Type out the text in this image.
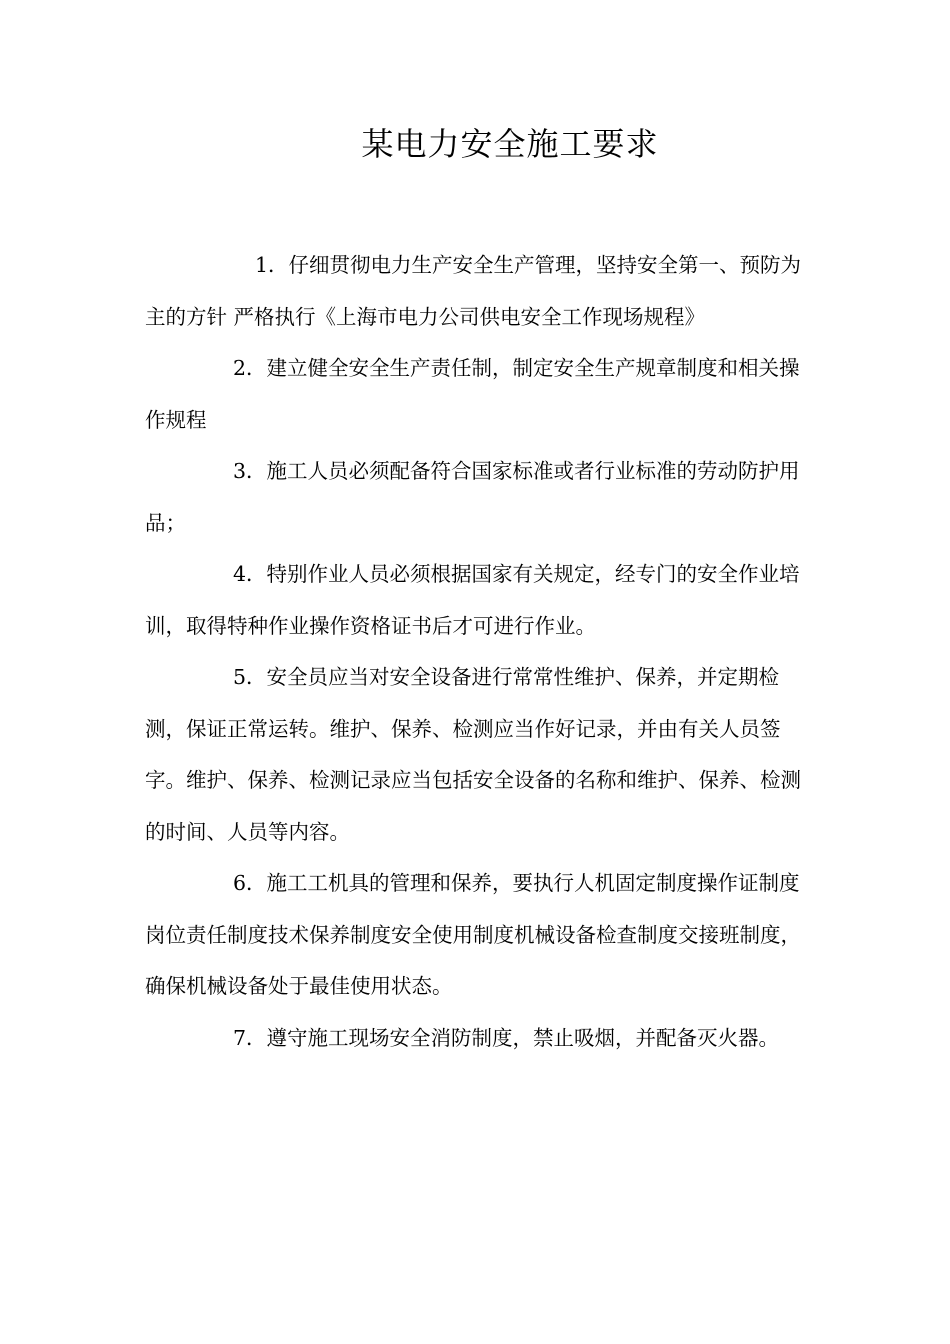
某电力安全施工要求

1．仔细贯彻电力生产安全生产管理，坚持安全第一、预防为主的方针 严格执行《上海市电力公司供电安全工作现场规程》

2．建立健全安全生产责任制，制定安全生产规章制度和相关操作规程

3．施工人员必须配备符合国家标准或者行业标准的劳动防护用品；

4．特别作业人员必须根据国家有关规定，经专门的安全作业培训，取得特种作业操作资格证书后才可进行作业。

5．安全员应当对安全设备进行常常性维护、保养，并定期检测，保证正常运转。维护、保养、检测应当作好记录，并由有关人员签字。维护、保养、检测记录应当包括安全设备的名称和维护、保养、检测的时间、人员等内容。

6．施工工机具的管理和保养，要执行人机固定制度操作证制度岗位责任制度技术保养制度安全使用制度机械设备检查制度交接班制度，确保机械设备处于最佳使用状态。

7．遵守施工现场安全消防制度，禁止吸烟，并配备灭火器。
